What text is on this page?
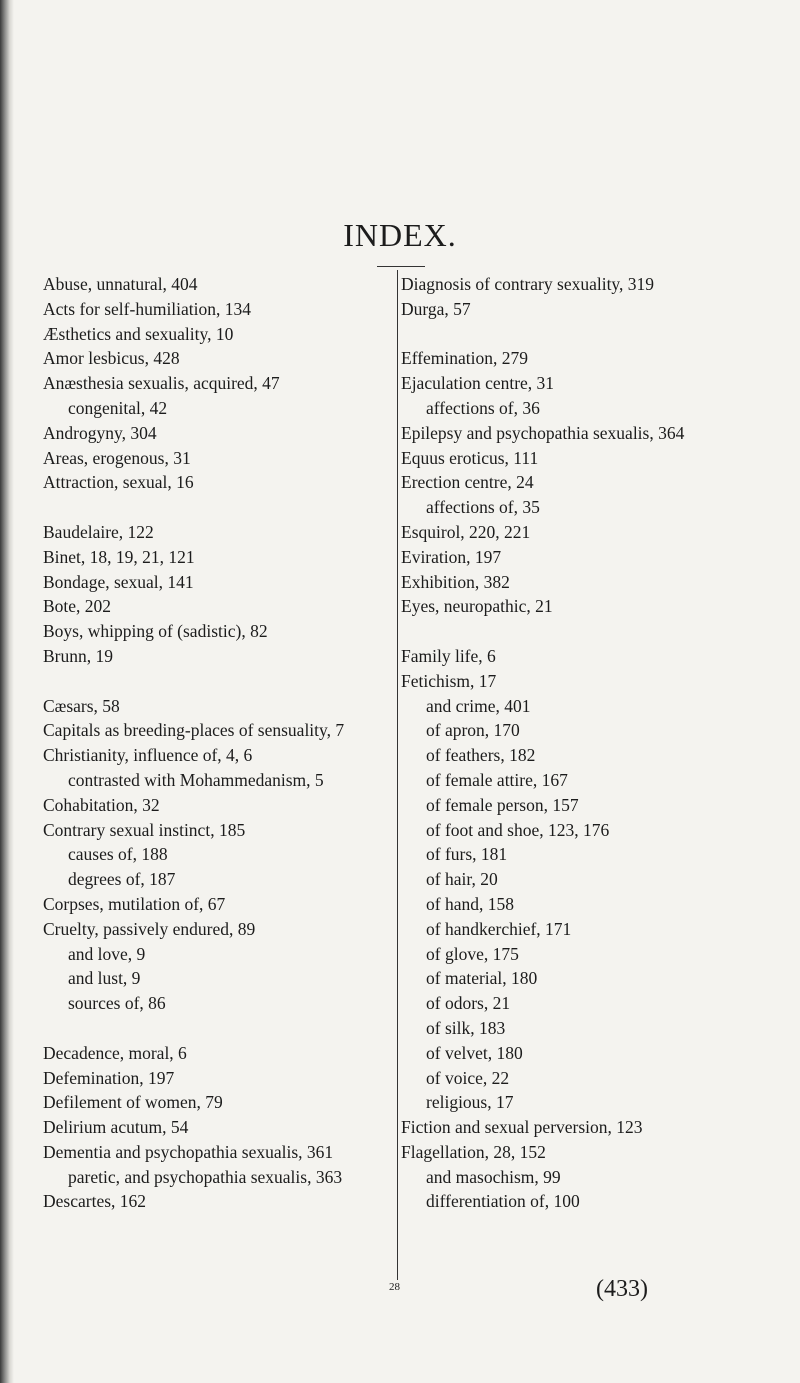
INDEX.
Abuse, unnatural, 404
Acts for self-humiliation, 134
Æsthetics and sexuality, 10
Amor lesbicus, 428
Anæsthesia sexualis, acquired, 47
congenital, 42
Androgyny, 304
Areas, erogenous, 31
Attraction, sexual, 16
Baudelaire, 122
Binet, 18, 19, 21, 121
Bondage, sexual, 141
Bote, 202
Boys, whipping of (sadistic), 82
Brunn, 19
Cæsars, 58
Capitals as breeding-places of sensuality, 7
Christianity, influence of, 4, 6
contrasted with Mohammedanism, 5
Cohabitation, 32
Contrary sexual instinct, 185
causes of, 188
degrees of, 187
Corpses, mutilation of, 67
Cruelty, passively endured, 89
and love, 9
and lust, 9
sources of, 86
Decadence, moral, 6
Defemination, 197
Defilement of women, 79
Delirium acutum, 54
Dementia and psychopathia sexualis, 361
paretic, and psychopathia sexualis, 363
Descartes, 162
Diagnosis of contrary sexuality, 319
Durga, 57
Effemination, 279
Ejaculation centre, 31
affections of, 36
Epilepsy and psychopathia sexualis, 364
Equus eroticus, 111
Erection centre, 24
affections of, 35
Esquirol, 220, 221
Eviration, 197
Exhibition, 382
Eyes, neuropathic, 21
Family life, 6
Fetichism, 17
and crime, 401
of apron, 170
of feathers, 182
of female attire, 167
of female person, 157
of foot and shoe, 123, 176
of furs, 181
of hair, 20
of hand, 158
of handkerchief, 171
of glove, 175
of material, 180
of odors, 21
of silk, 183
of velvet, 180
of voice, 22
religious, 17
Fiction and sexual perversion, 123
Flagellation, 28, 152
and masochism, 99
differentiation of, 100
28	(433)
